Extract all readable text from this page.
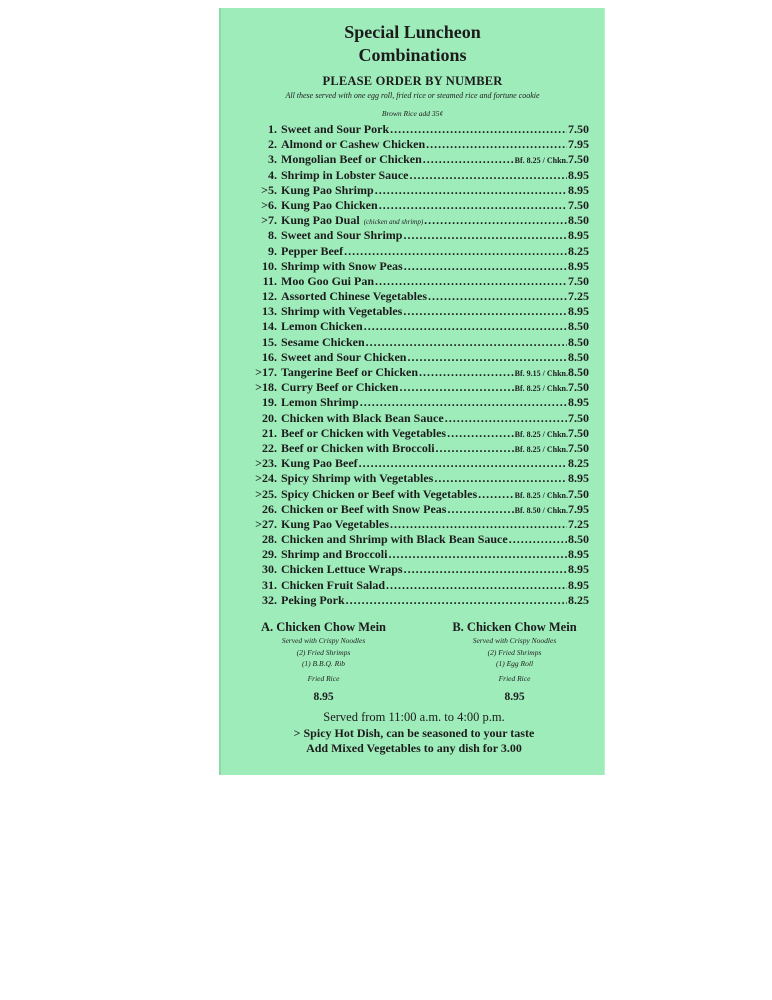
Special Luncheon
Combinations
PLEASE ORDER BY NUMBER
All these served with one egg roll, fried rice or steamed rice and fortune cookie
Brown Rice add 35¢
1. Sweet and Sour Pork . . .	7.50
2. Almond or Cashew Chicken . . .	7.95
3. Mongolian Beef or Chicken . . .	Bf. 8.25 / Chkn. 7.50
4. Shrimp in Lobster Sauce . . .	8.95
>5. Kung Pao Shrimp . . .	8.95
>6. Kung Pao Chicken . . .	7.50
>7. Kung Pao Dual (chicken and shrimp) . . .	8.50
8. Sweet and Sour Shrimp . . .	8.95
9. Pepper Beef . . .	8.25
10. Shrimp with Snow Peas . . .	8.95
11. Moo Goo Gui Pan . . .	7.50
12. Assorted Chinese Vegetables . . .	7.25
13. Shrimp with Vegetables . . .	8.95
14. Lemon Chicken . . .	8.50
15. Sesame Chicken . . .	8.50
16. Sweet and Sour Chicken . . .	8.50
>17. Tangerine Beef or Chicken . . .	Bf. 9.15 / Chkn. 8.50
>18. Curry Beef or Chicken . . .	Bf. 8.25 / Chkn. 7.50
19. Lemon Shrimp . . .	8.95
20. Chicken with Black Bean Sauce . . .	7.50
21. Beef or Chicken with Vegetables . . .	Bf. 8.25 / Chkn. 7.50
22. Beef or Chicken with Broccoli . . .	Bf. 8.25 / Chkn. 7.50
>23. Kung Pao Beef . . .	8.25
>24. Spicy Shrimp with Vegetables . . .	8.95
>25. Spicy Chicken or Beef with Vegetables . . .	Bf. 8.25 / Chkn. 7.50
26. Chicken or Beef with Snow Peas . . .	Bf. 8.50 / Chkn. 7.95
>27. Kung Pao Vegetables . . .	7.25
28. Chicken and Shrimp with Black Bean Sauce . . .	8.50
29. Shrimp and Broccoli . . .	8.95
30. Chicken Lettuce Wraps . . .	8.95
31. Chicken Fruit Salad . . .	8.95
32. Peking Pork . . .	8.25
A. Chicken Chow Mein
Served with Crispy Noodles
(2) Fried Shrimps
(1) B.B.Q. Rib
Fried Rice
8.95
B. Chicken Chow Mein
Served with Crispy Noodles
(2) Fried Shrimps
(1) Egg Roll
Fried Rice
8.95
Served from 11:00 a.m. to 4:00 p.m.
> Spicy Hot Dish, can be seasoned to your taste
Add Mixed Vegetables to any dish for 3.00
